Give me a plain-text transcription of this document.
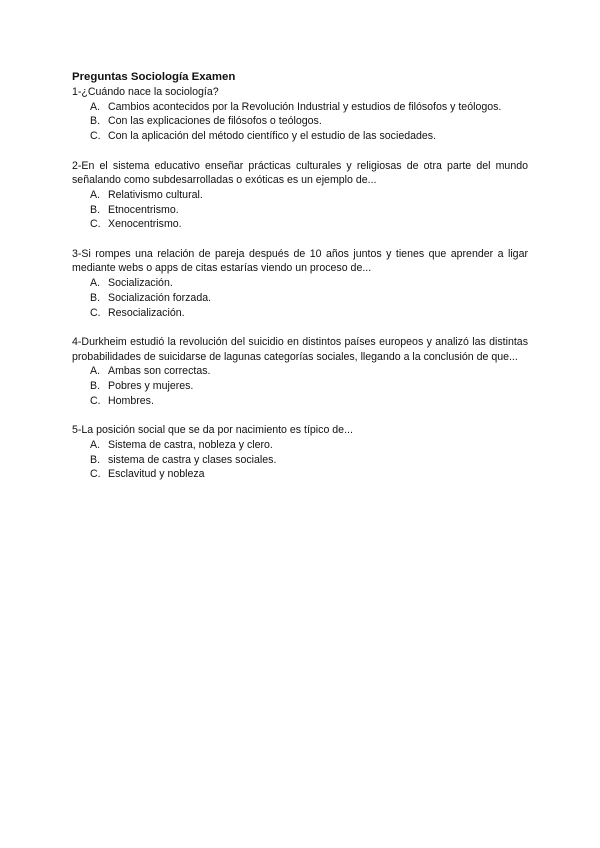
Preguntas Sociología Examen

1-¿Cuándo nace la sociología?

A. Cambios acontecidos por la Revolución Industrial y estudios de filósofos y teólogos.
B. Con las explicaciones de filósofos o teólogos.
C. Con la aplicación del método científico y el estudio de las sociedades.

2-En el sistema educativo enseñar prácticas culturales y religiosas de otra parte del mundo señalando como subdesarrolladas o exóticas es un ejemplo de...

A. Relativismo cultural.
B. Etnocentrismo.
C. Xenocentrismo.

3-Si rompes una relación de pareja después de 10 años juntos y tienes que aprender a ligar mediante webs o apps de citas estarías viendo un proceso de...

A. Socialización.
B. Socialización forzada.
C. Resocialización.

4-Durkheim estudió la revolución del suicidio en distintos países europeos y analizó las distintas probabilidades de suicidarse de lagunas categorías sociales, llegando a la conclusión de que...

A. Ambas son correctas.
B. Pobres y mujeres.
C. Hombres.

5-La posición social que se da por nacimiento es típico de...

A. Sistema de castra, nobleza y clero.
B. sistema de castra y clases sociales.
C. Esclavitud y nobleza
